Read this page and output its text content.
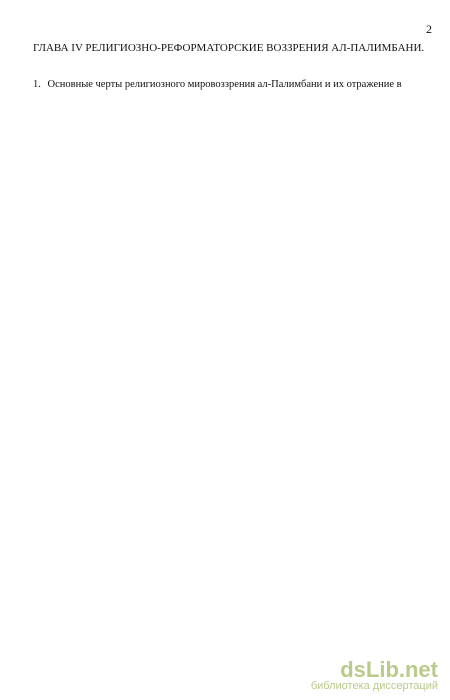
2
ГЛАВА IV РЕЛИГИОЗНО-РЕФОРМАТОРСКИЕ ВОЗЗРЕНИЯ АЛ-ПАЛИМБАНИ.
1. Основные черты религиозного мировоззрения ал-Палимбани и их отражение в
dsLib.net
библиотека диссертаций
